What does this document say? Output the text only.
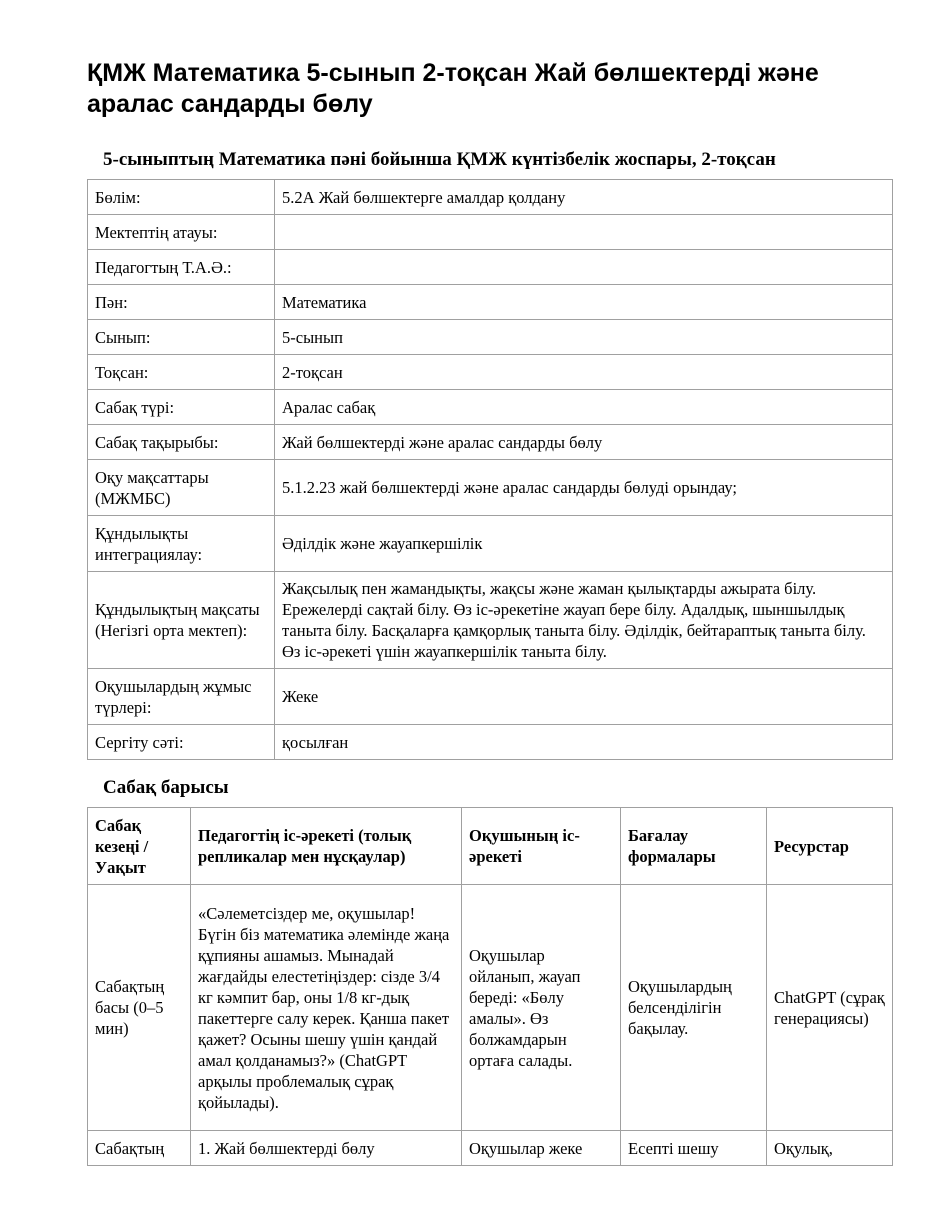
ҚМЖ Математика 5-сынып 2-тоқсан Жай бөлшектерді және аралас сандарды бөлу
5-сыныптың Математика пәні бойынша ҚМЖ күнтізбелік жоспары, 2-тоқсан
Бөлім:	5.2А Жай бөлшектерге амалдар қолдану
Мектептің атауы:	
Педагогтың Т.А.Ә.:	
Пән:	Математика
Сынып:	5-сынып
Тоқсан:	2-тоқсан
Сабақ түрі:	Аралас сабақ
Сабақ тақырыбы:	Жай бөлшектерді және аралас сандарды бөлу
Оқу мақсаттары (МЖМБС)	5.1.2.23 жай бөлшектерді және аралас сандарды бөлуді орындау;
Құндылықты интеграциялау:	Әділдік және жауапкершілік
Құндылықтың мақсаты (Негізгі орта мектеп):	Жақсылық пен жамандықты, жақсы және жаман қылықтарды ажырата білу. Ережелерді сақтай білу. Өз іс-әрекетіне жауап бере білу. Адалдық, шыншылдық таныта білу. Басқаларға қамқорлық таныта білу. Әділдік, бейтараптық таныта білу. Өз іс-әрекеті үшін жауапкершілік таныта білу.
Оқушылардың жұмыс түрлері:	Жеке
Сергіту сәті:	қосылған
Сабақ барысы
Сабақ кезеңі / Уақыт	Педагогтің іс-әрекеті (толық репликалар мен нұсқаулар)	Оқушының іс-әрекеті	Бағалау формалары	Ресурстар
Сабақтың басы (0–5 мин)	«Сәлеметсіздер ме, оқушылар! Бүгін біз математика әлемінде жаңа құпияны ашамыз. Мынадай жағдайды елестетіңіздер: сізде 3/4 кг кәмпит бар, оны 1/8 кг-дық пакеттерге салу керек. Қанша пакет қажет? Осыны шешу үшін қандай амал қолданамыз?» (ChatGPT арқылы проблемалық сұрақ қойылады).	Оқушылар ойланып, жауап береді: «Бөлу амалы». Өз болжамдарын ортаға салады.	Оқушылардың белсенділігін бақылау.	ChatGPT (сұрақ генерациясы)
Сабақтың	1. Жай бөлшектерді бөлу	Оқушылар жеке	Есепті шешу	Оқулық,
